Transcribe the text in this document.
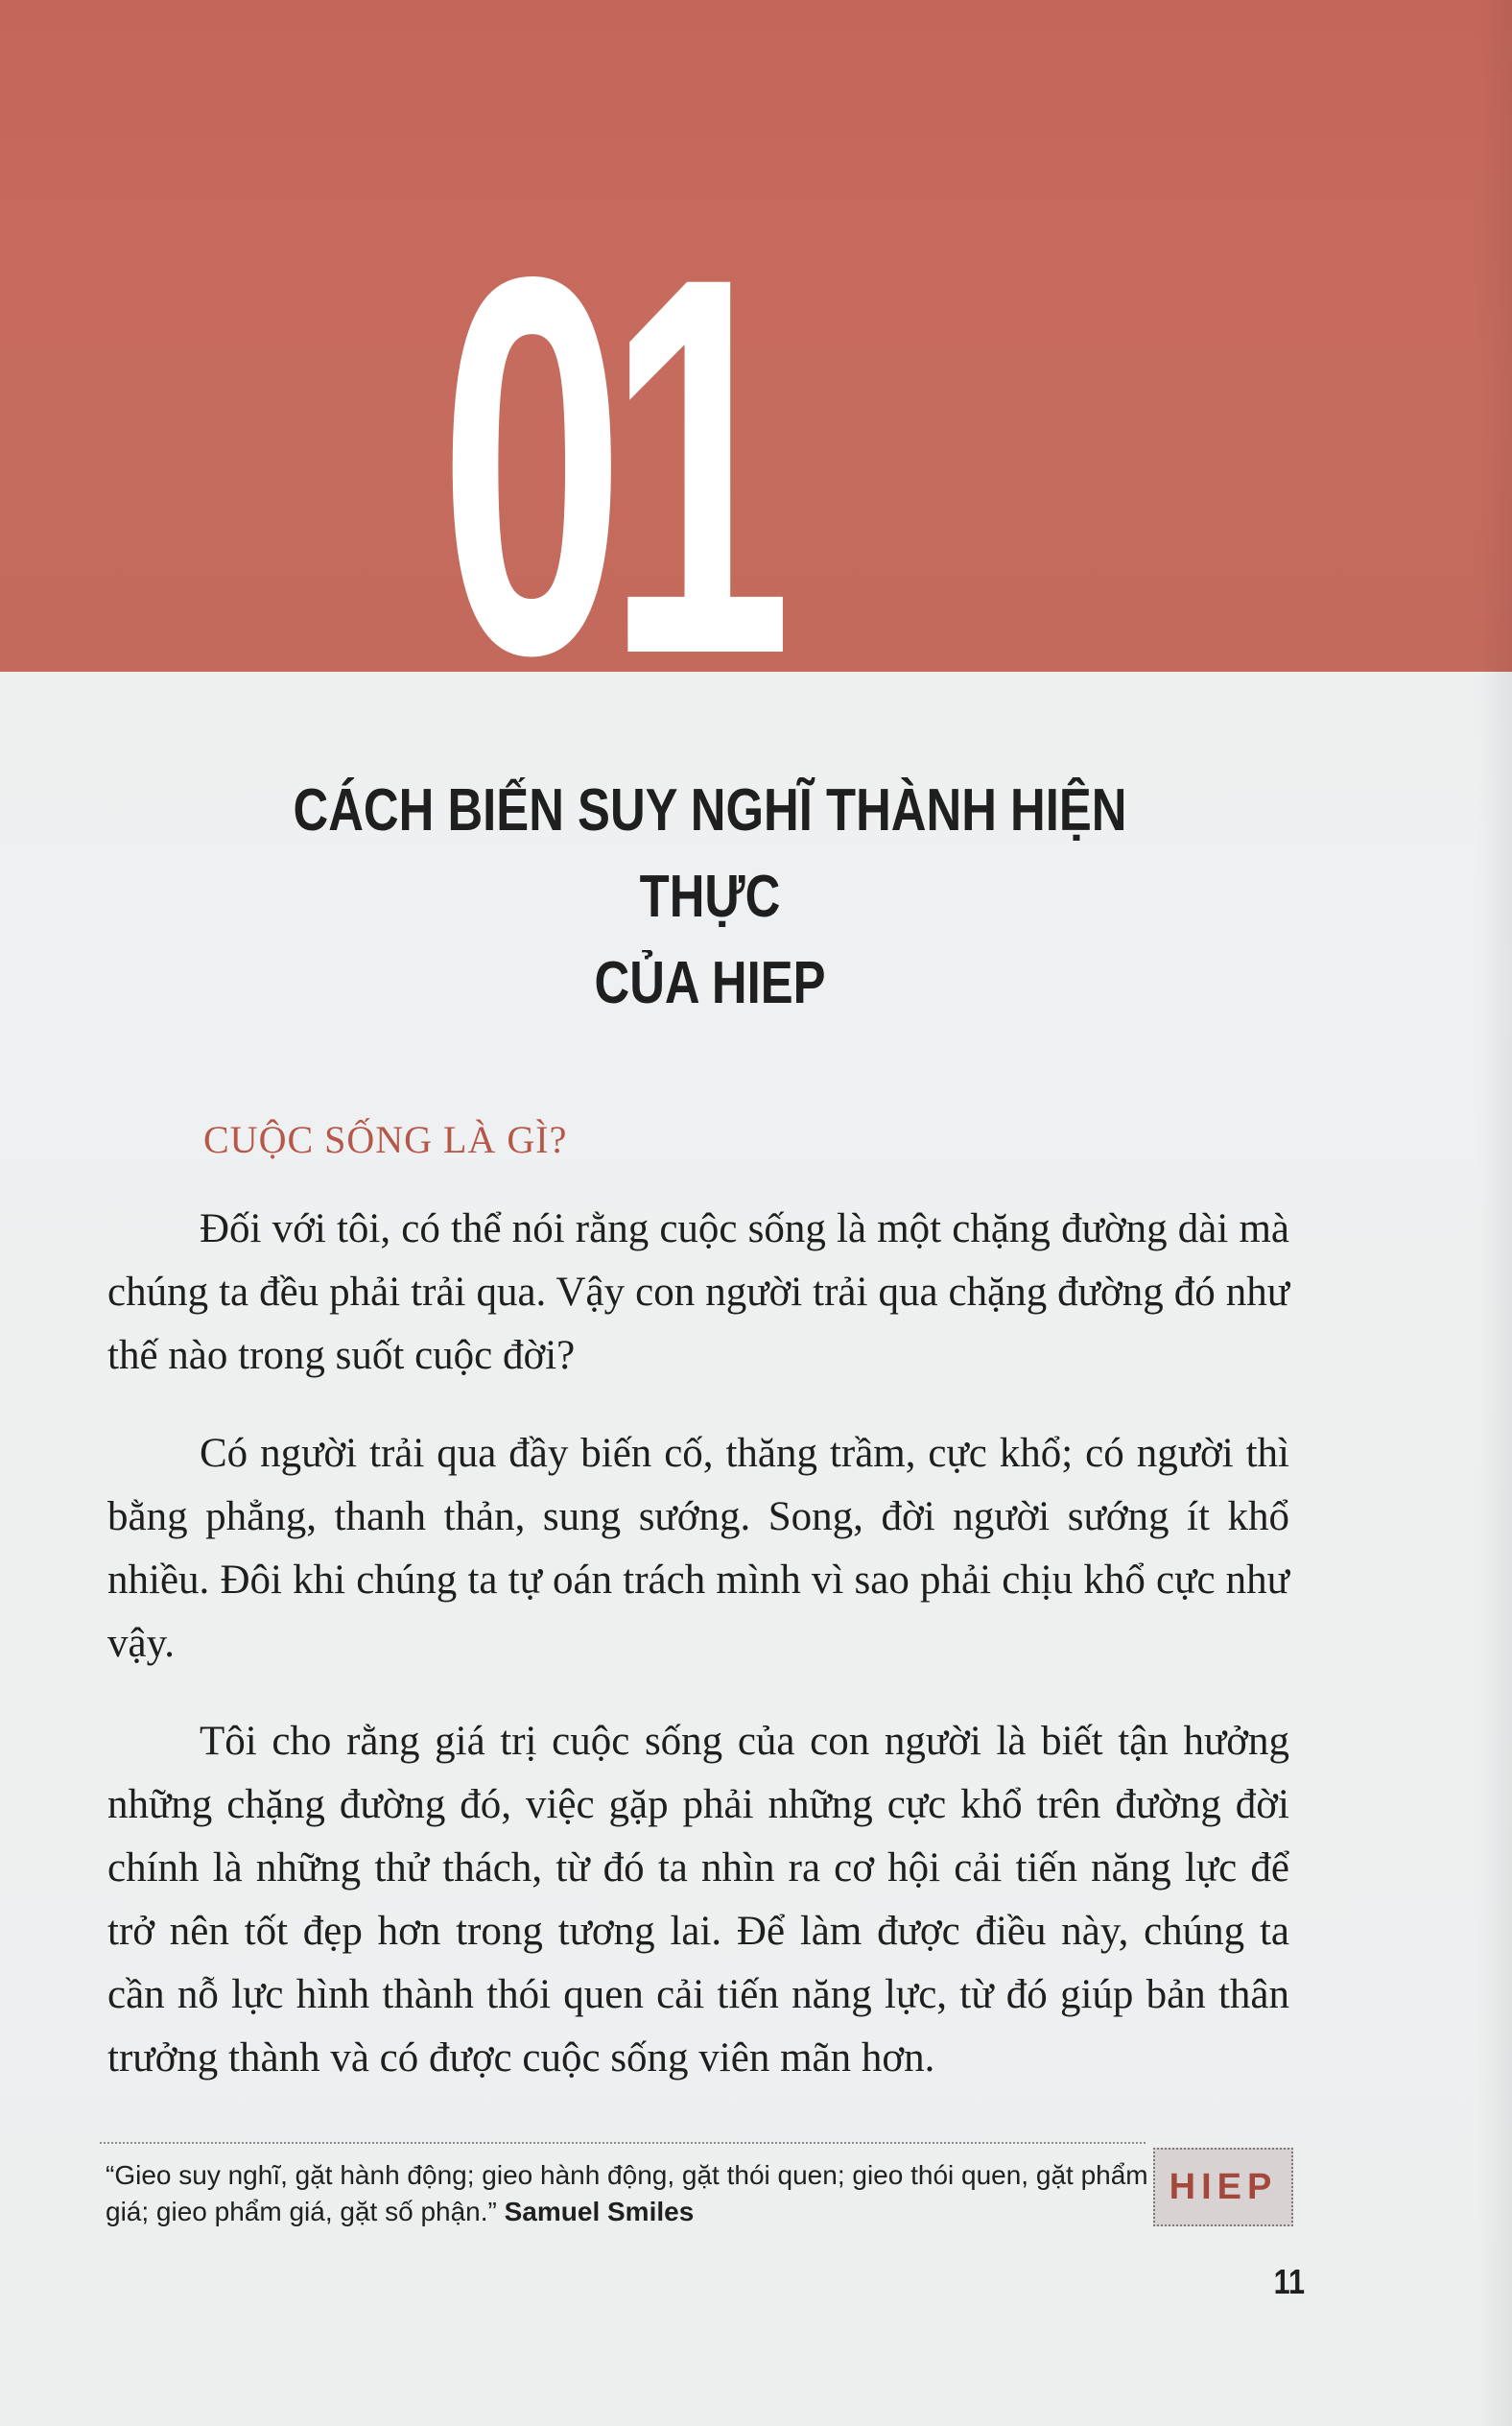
01
CÁCH BIẾN SUY NGHĨ THÀNH HIỆN THỰC
CỦA HIEP
CUỘC SỐNG LÀ GÌ?

Đối với tôi, có thể nói rằng cuộc sống là một chặng đường dài mà chúng ta đều phải trải qua. Vậy con người trải qua chặng đường đó như thế nào trong suốt cuộc đời?

Có người trải qua đầy biến cố, thăng trầm, cực khổ; có người thì bằng phẳng, thanh thản, sung sướng. Song, đời người sướng ít khổ nhiều. Đôi khi chúng ta tự oán trách mình vì sao phải chịu khổ cực như vậy.

Tôi cho rằng giá trị cuộc sống của con người là biết tận hưởng những chặng đường đó, việc gặp phải những cực khổ trên đường đời chính là những thử thách, từ đó ta nhìn ra cơ hội cải tiến năng lực để trở nên tốt đẹp hơn trong tương lai. Để làm được điều này, chúng ta cần nỗ lực hình thành thói quen cải tiến năng lực, từ đó giúp bản thân trưởng thành và có được cuộc sống viên mãn hơn.

“Gieo suy nghĩ, gặt hành động; gieo hành động, gặt thói quen; gieo thói quen, gặt phẩm giá; gieo phẩm giá, gặt số phận.” Samuel Smiles

HIEP

11
